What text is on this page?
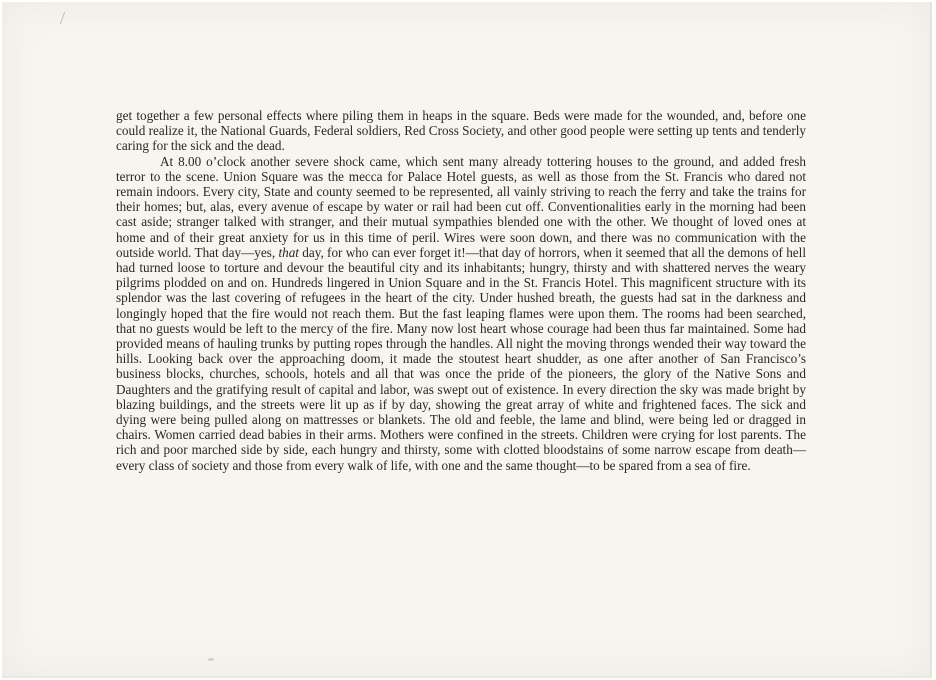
get together a few personal effects where piling them in heaps in the square. Beds were made for the wounded, and, before one could realize it, the National Guards, Federal soldiers, Red Cross Society, and other good people were setting up tents and tenderly caring for the sick and the dead.

At 8.00 o’clock another severe shock came, which sent many already tottering houses to the ground, and added fresh terror to the scene. Union Square was the mecca for Palace Hotel guests, as well as those from the St. Francis who dared not remain indoors. Every city, State and county seemed to be represented, all vainly striving to reach the ferry and take the trains for their homes; but, alas, every avenue of escape by water or rail had been cut off. Conventionalities early in the morning had been cast aside; stranger talked with stranger, and their mutual sympathies blended one with the other. We thought of loved ones at home and of their great anxiety for us in this time of peril. Wires were soon down, and there was no communication with the outside world. That day—yes, that day, for who can ever forget it!—that day of horrors, when it seemed that all the demons of hell had turned loose to torture and devour the beautiful city and its inhabitants; hungry, thirsty and with shattered nerves the weary pilgrims plodded on and on. Hundreds lingered in Union Square and in the St. Francis Hotel. This magnificent structure with its splendor was the last covering of refugees in the heart of the city. Under hushed breath, the guests had sat in the darkness and longingly hoped that the fire would not reach them. But the fast leaping flames were upon them. The rooms had been searched, that no guests would be left to the mercy of the fire. Many now lost heart whose courage had been thus far maintained. Some had provided means of hauling trunks by putting ropes through the handles. All night the moving throngs wended their way toward the hills. Looking back over the approaching doom, it made the stoutest heart shudder, as one after another of San Francisco’s business blocks, churches, schools, hotels and all that was once the pride of the pioneers, the glory of the Native Sons and Daughters and the gratifying result of capital and labor, was swept out of existence. In every direction the sky was made bright by blazing buildings, and the streets were lit up as if by day, showing the great array of white and frightened faces. The sick and dying were being pulled along on mattresses or blankets. The old and feeble, the lame and blind, were being led or dragged in chairs. Women carried dead babies in their arms. Mothers were confined in the streets. Children were crying for lost parents. The rich and poor marched side by side, each hungry and thirsty, some with clotted bloodstains of some narrow escape from death—every class of society and those from every walk of life, with one and the same thought—to be spared from a sea of fire.
